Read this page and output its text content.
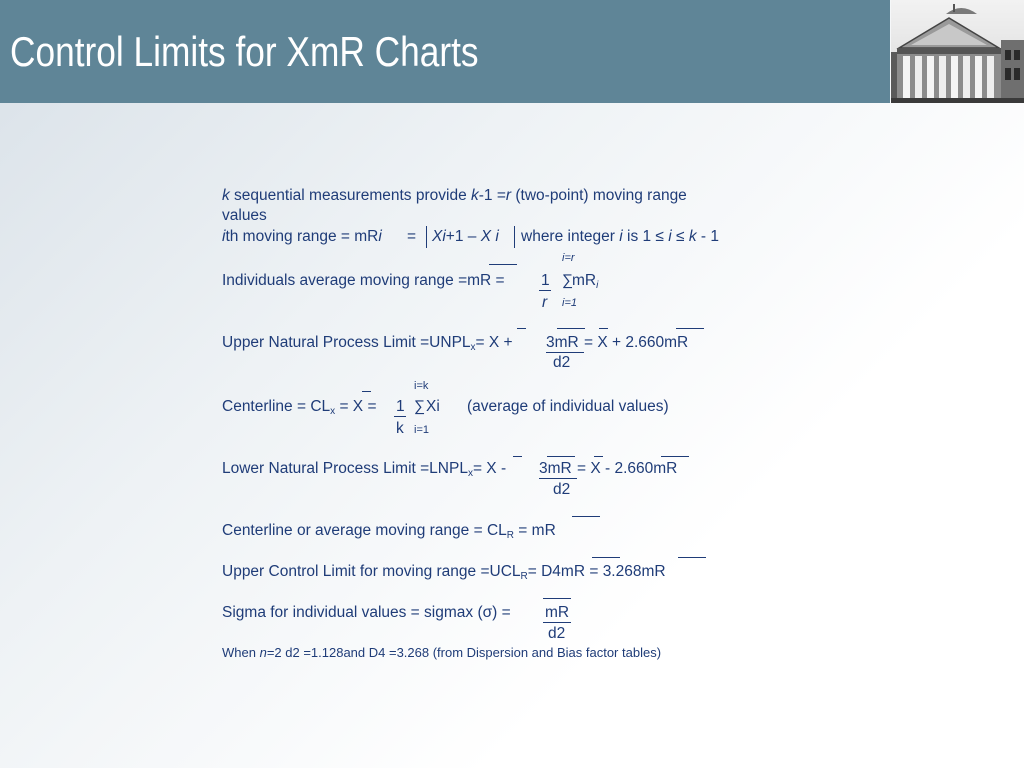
Control Limits for XmR Charts
k sequential measurements provide k-1 =r (two-point) moving range
values
ith moving range = mRi = Xi+1 – X i where integer i is 1 ≤ i ≤ k - 1
i=r
Individuals average moving range =mR = 1 ∑
$mR_i$
r i=1
Upper Natural Process Limit $=UNPL_x= X + 3mR = X + 2.660mR$
d2
i=k
Centerline = $CL_x = X = 1$ ∑ Xi (average of individual values)
k i=1
Lower Natural Process Limit $=LNPL_x= X - 3mR = X - 2.660mR$
d2
Centerline or average moving range = $CL_R$ = mR
Upper Control Limit for moving range $=UCL_R= D4mR = 3.268mR$
Sigma for individual values = sigmax (σ) = mR
d2
When n=2 d2 =1.128and D4 =3.268 (from Dispersion and Bias factor tables)
